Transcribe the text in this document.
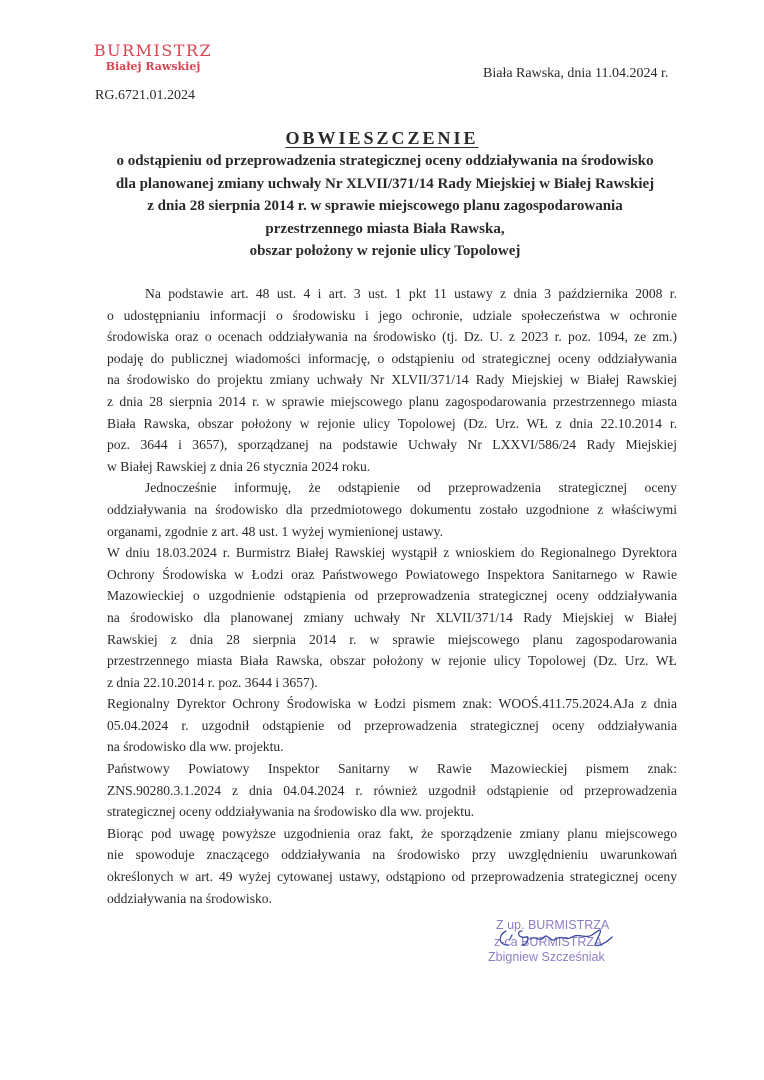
BURMISTRZ
Białej Rawskiej
RG.6721.01.2024
Biała Rawska, dnia 11.04.2024 r.
OBWIESZCZENIE
o odstąpieniu od przeprowadzenia strategicznej oceny oddziaływania na środowisko
dla planowanej zmiany uchwały Nr XLVII/371/14 Rady Miejskiej w Białej Rawskiej
z dnia 28 sierpnia 2014 r. w sprawie miejscowego planu zagospodarowania
przestrzennego miasta Biała Rawska,
obszar położony w rejonie ulicy Topolowej
Na podstawie art. 48 ust. 4 i art. 3 ust. 1 pkt 11 ustawy z dnia 3 października 2008 r.
o udostępnianiu informacji o środowisku i jego ochronie, udziale społeczeństwa w ochronie
środowiska oraz o ocenach oddziaływania na środowisko (tj. Dz. U. z 2023 r. poz. 1094, ze zm.)
podaję do publicznej wiadomości informację, o odstąpieniu od strategicznej oceny oddziaływania
na środowisko do projektu zmiany uchwały Nr XLVII/371/14 Rady Miejskiej w Białej Rawskiej
z dnia 28 sierpnia 2014 r. w sprawie miejscowego planu zagospodarowania przestrzennego miasta
Biała Rawska, obszar położony w rejonie ulicy Topolowej (Dz. Urz. WŁ z dnia 22.10.2014 r.
poz. 3644 i 3657), sporządzanej na podstawie Uchwały Nr LXXVI/586/24 Rady Miejskiej
w Białej Rawskiej z dnia 26 stycznia 2024 roku.
Jednocześnie informuję, że odstąpienie od przeprowadzenia strategicznej oceny
oddziaływania na środowisko dla przedmiotowego dokumentu zostało uzgodnione z właściwymi
organami, zgodnie z art. 48 ust. 1 wyżej wymienionej ustawy.
W dniu 18.03.2024 r. Burmistrz Białej Rawskiej wystąpił z wnioskiem do Regionalnego Dyrektora
Ochrony Środowiska w Łodzi oraz Państwowego Powiatowego Inspektora Sanitarnego w Rawie
Mazowieckiej o uzgodnienie odstąpienia od przeprowadzenia strategicznej oceny oddziaływania
na środowisko dla planowanej zmiany uchwały Nr XLVII/371/14 Rady Miejskiej w Białej
Rawskiej z dnia 28 sierpnia 2014 r. w sprawie miejscowego planu zagospodarowania
przestrzennego miasta Biała Rawska, obszar położony w rejonie ulicy Topolowej (Dz. Urz. WŁ
z dnia 22.10.2014 r. poz. 3644 i 3657).
Regionalny Dyrektor Ochrony Środowiska w Łodzi pismem znak: WOOŚ.411.75.2024.AJa z dnia
05.04.2024 r. uzgodnił odstąpienie od przeprowadzenia strategicznej oceny oddziaływania
na środowisko dla ww. projektu.
Państwowy Powiatowy Inspektor Sanitarny w Rawie Mazowieckiej pismem znak:
ZNS.90280.3.1.2024 z dnia 04.04.2024 r. również uzgodnił odstąpienie od przeprowadzenia
strategicznej oceny oddziaływania na środowisko dla ww. projektu.
Biorąc pod uwagę powyższe uzgodnienia oraz fakt, że sporządzenie zmiany planu miejscowego
nie spowoduje znaczącego oddziaływania na środowisko przy uwzględnieniu uwarunkowań
określonych w art. 49 wyżej cytowanej ustawy, odstąpiono od przeprowadzenia strategicznej oceny
oddziaływania na środowisko.
Z up. BURMISTRZA
z-ca BURMISTRZA
Zbigniew Szcześniak
